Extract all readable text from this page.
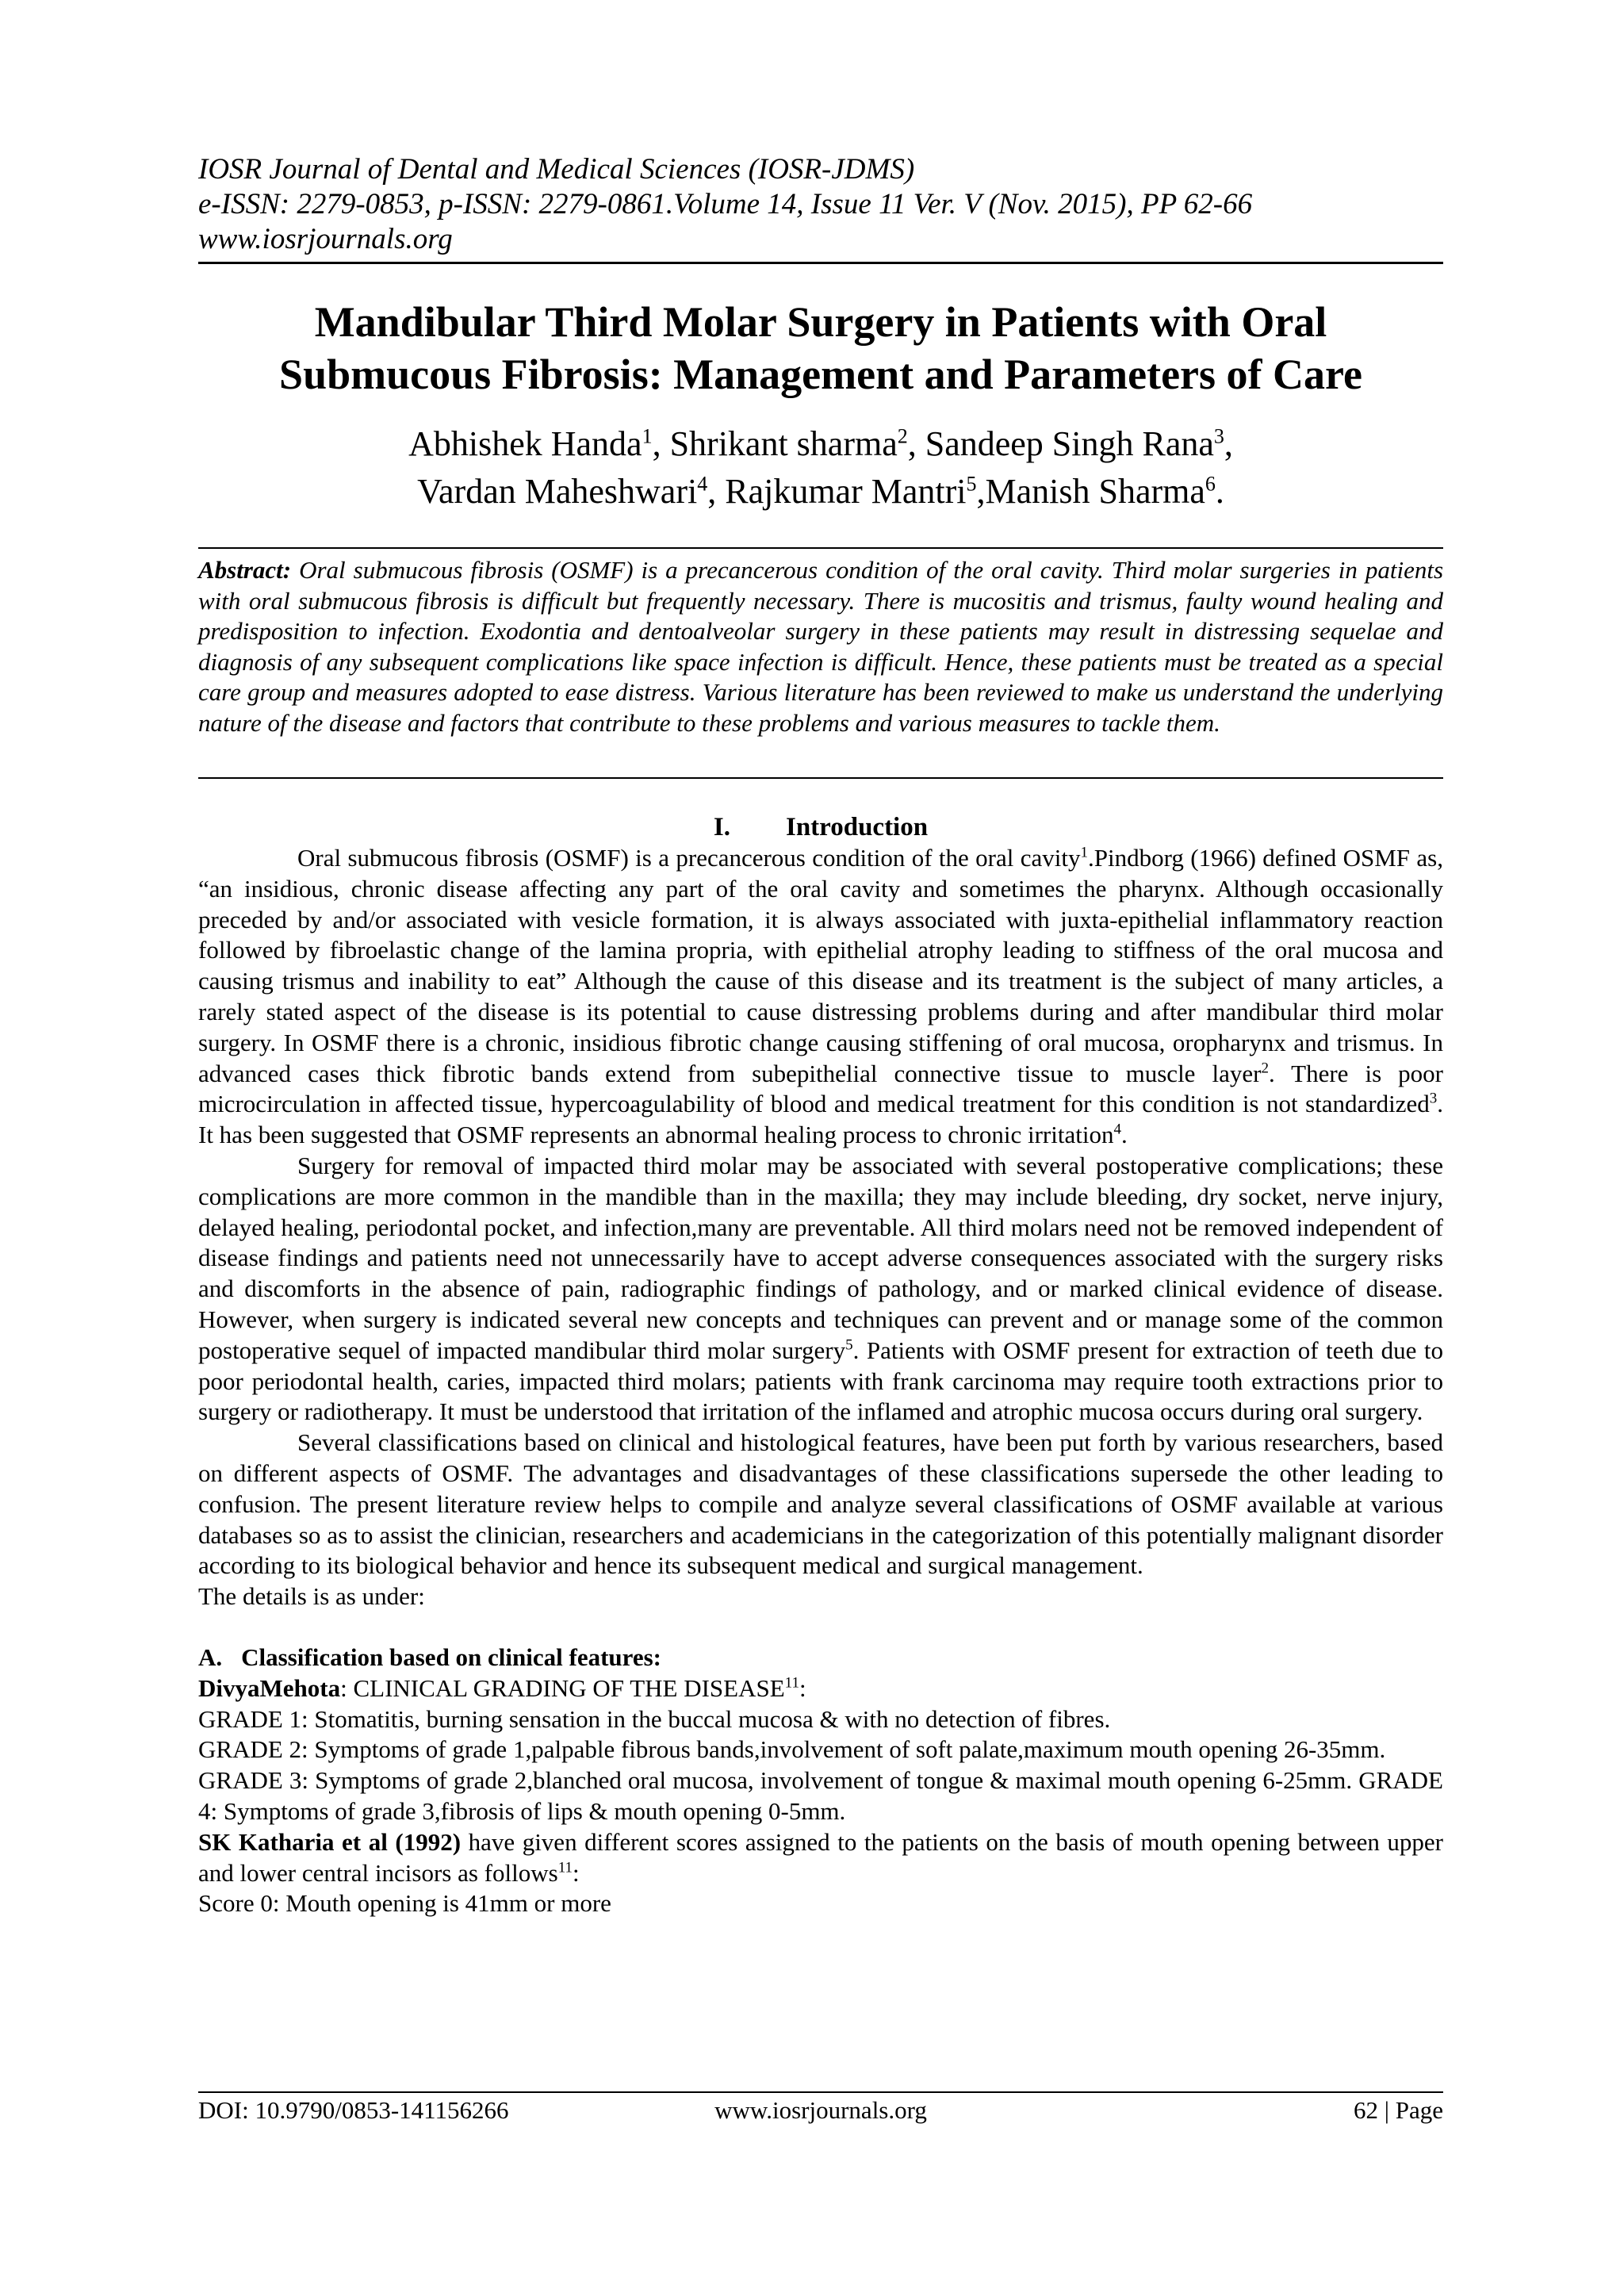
IOSR Journal of Dental and Medical Sciences (IOSR-JDMS)
e-ISSN: 2279-0853, p-ISSN: 2279-0861.Volume 14, Issue 11 Ver. V (Nov. 2015), PP 62-66
www.iosrjournals.org
Mandibular Third Molar Surgery in Patients with Oral
Submucous Fibrosis: Management and Parameters of Care
Abhishek Handa$^1$, Shrikant sharma$^2$, Sandeep Singh Rana$^3$,
Vardan Maheshwari$^4$, Rajkumar Mantri$^5$,Manish Sharma$^6$.
Abstract: Oral submucous fibrosis (OSMF) is a precancerous condition of the oral cavity. Third molar surgeries in patients with oral submucous fibrosis is difficult but frequently necessary. There is mucositis and trismus, faulty wound healing and predisposition to infection. Exodontia and dentoalveolar surgery in these patients may result in distressing sequelae and diagnosis of any subsequent complications like space infection is difficult. Hence, these patients must be treated as a special care group and measures adopted to ease distress. Various literature has been reviewed to make us understand the underlying nature of the disease and factors that contribute to these problems and various measures to tackle them.
I. Introduction

Oral submucous fibrosis (OSMF) is a precancerous condition of the oral cavity$^1$.Pindborg (1966) defined OSMF as, “an insidious, chronic disease affecting any part of the oral cavity and sometimes the pharynx. Although occasionally preceded by and/or associated with vesicle formation, it is always associated with juxta-epithelial inflammatory reaction followed by fibroelastic change of the lamina propria, with epithelial atrophy leading to stiffness of the oral mucosa and causing trismus and inability to eat” Although the cause of this disease and its treatment is the subject of many articles, a rarely stated aspect of the disease is its potential to cause distressing problems during and after mandibular third molar surgery. In OSMF there is a chronic, insidious fibrotic change causing stiffening of oral mucosa, oropharynx and trismus. In advanced cases thick fibrotic bands extend from subepithelial connective tissue to muscle layer$^2$. There is poor microcirculation in affected tissue, hypercoagulability of blood and medical treatment for this condition is not standardized$^3$. It has been suggested that OSMF represents an abnormal healing process to chronic irritation$^4$.

Surgery for removal of impacted third molar may be associated with several postoperative complications; these complications are more common in the mandible than in the maxilla; they may include bleeding, dry socket, nerve injury, delayed healing, periodontal pocket, and infection,many are preventable. All third molars need not be removed independent of disease findings and patients need not unnecessarily have to accept adverse consequences associated with the surgery risks and discomforts in the absence of pain, radiographic findings of pathology, and or marked clinical evidence of disease. However, when surgery is indicated several new concepts and techniques can prevent and or manage some of the common postoperative sequel of impacted mandibular third molar surgery$^5$. Patients with OSMF present for extraction of teeth due to poor periodontal health, caries, impacted third molars; patients with frank carcinoma may require tooth extractions prior to surgery or radiotherapy. It must be understood that irritation of the inflamed and atrophic mucosa occurs during oral surgery.

Several classifications based on clinical and histological features, have been put forth by various researchers, based on different aspects of OSMF. The advantages and disadvantages of these classifications supersede the other leading to confusion. The present literature review helps to compile and analyze several classifications of OSMF available at various databases so as to assist the clinician, researchers and academicians in the categorization of this potentially malignant disorder according to its biological behavior and hence its subsequent medical and surgical management.

The details is as under:

A. Classification based on clinical features:

DivyaMehota: CLINICAL GRADING OF THE DISEASE$^{11}$:

GRADE 1: Stomatitis, burning sensation in the buccal mucosa & with no detection of fibres.

GRADE 2: Symptoms of grade 1,palpable fibrous bands,involvement of soft palate,maximum mouth opening 26-35mm.

GRADE 3: Symptoms of grade 2,blanched oral mucosa, involvement of tongue & maximal mouth opening 6-25mm. GRADE 4: Symptoms of grade 3,fibrosis of lips & mouth opening 0-5mm.

SK Katharia et al (1992) have given different scores assigned to the patients on the basis of mouth opening between upper and lower central incisors as follows$^{11}$:

Score 0: Mouth opening is 41mm or more

DOI: 10.9790/0853-141156266	www.iosrjournals.org	62 | Page
